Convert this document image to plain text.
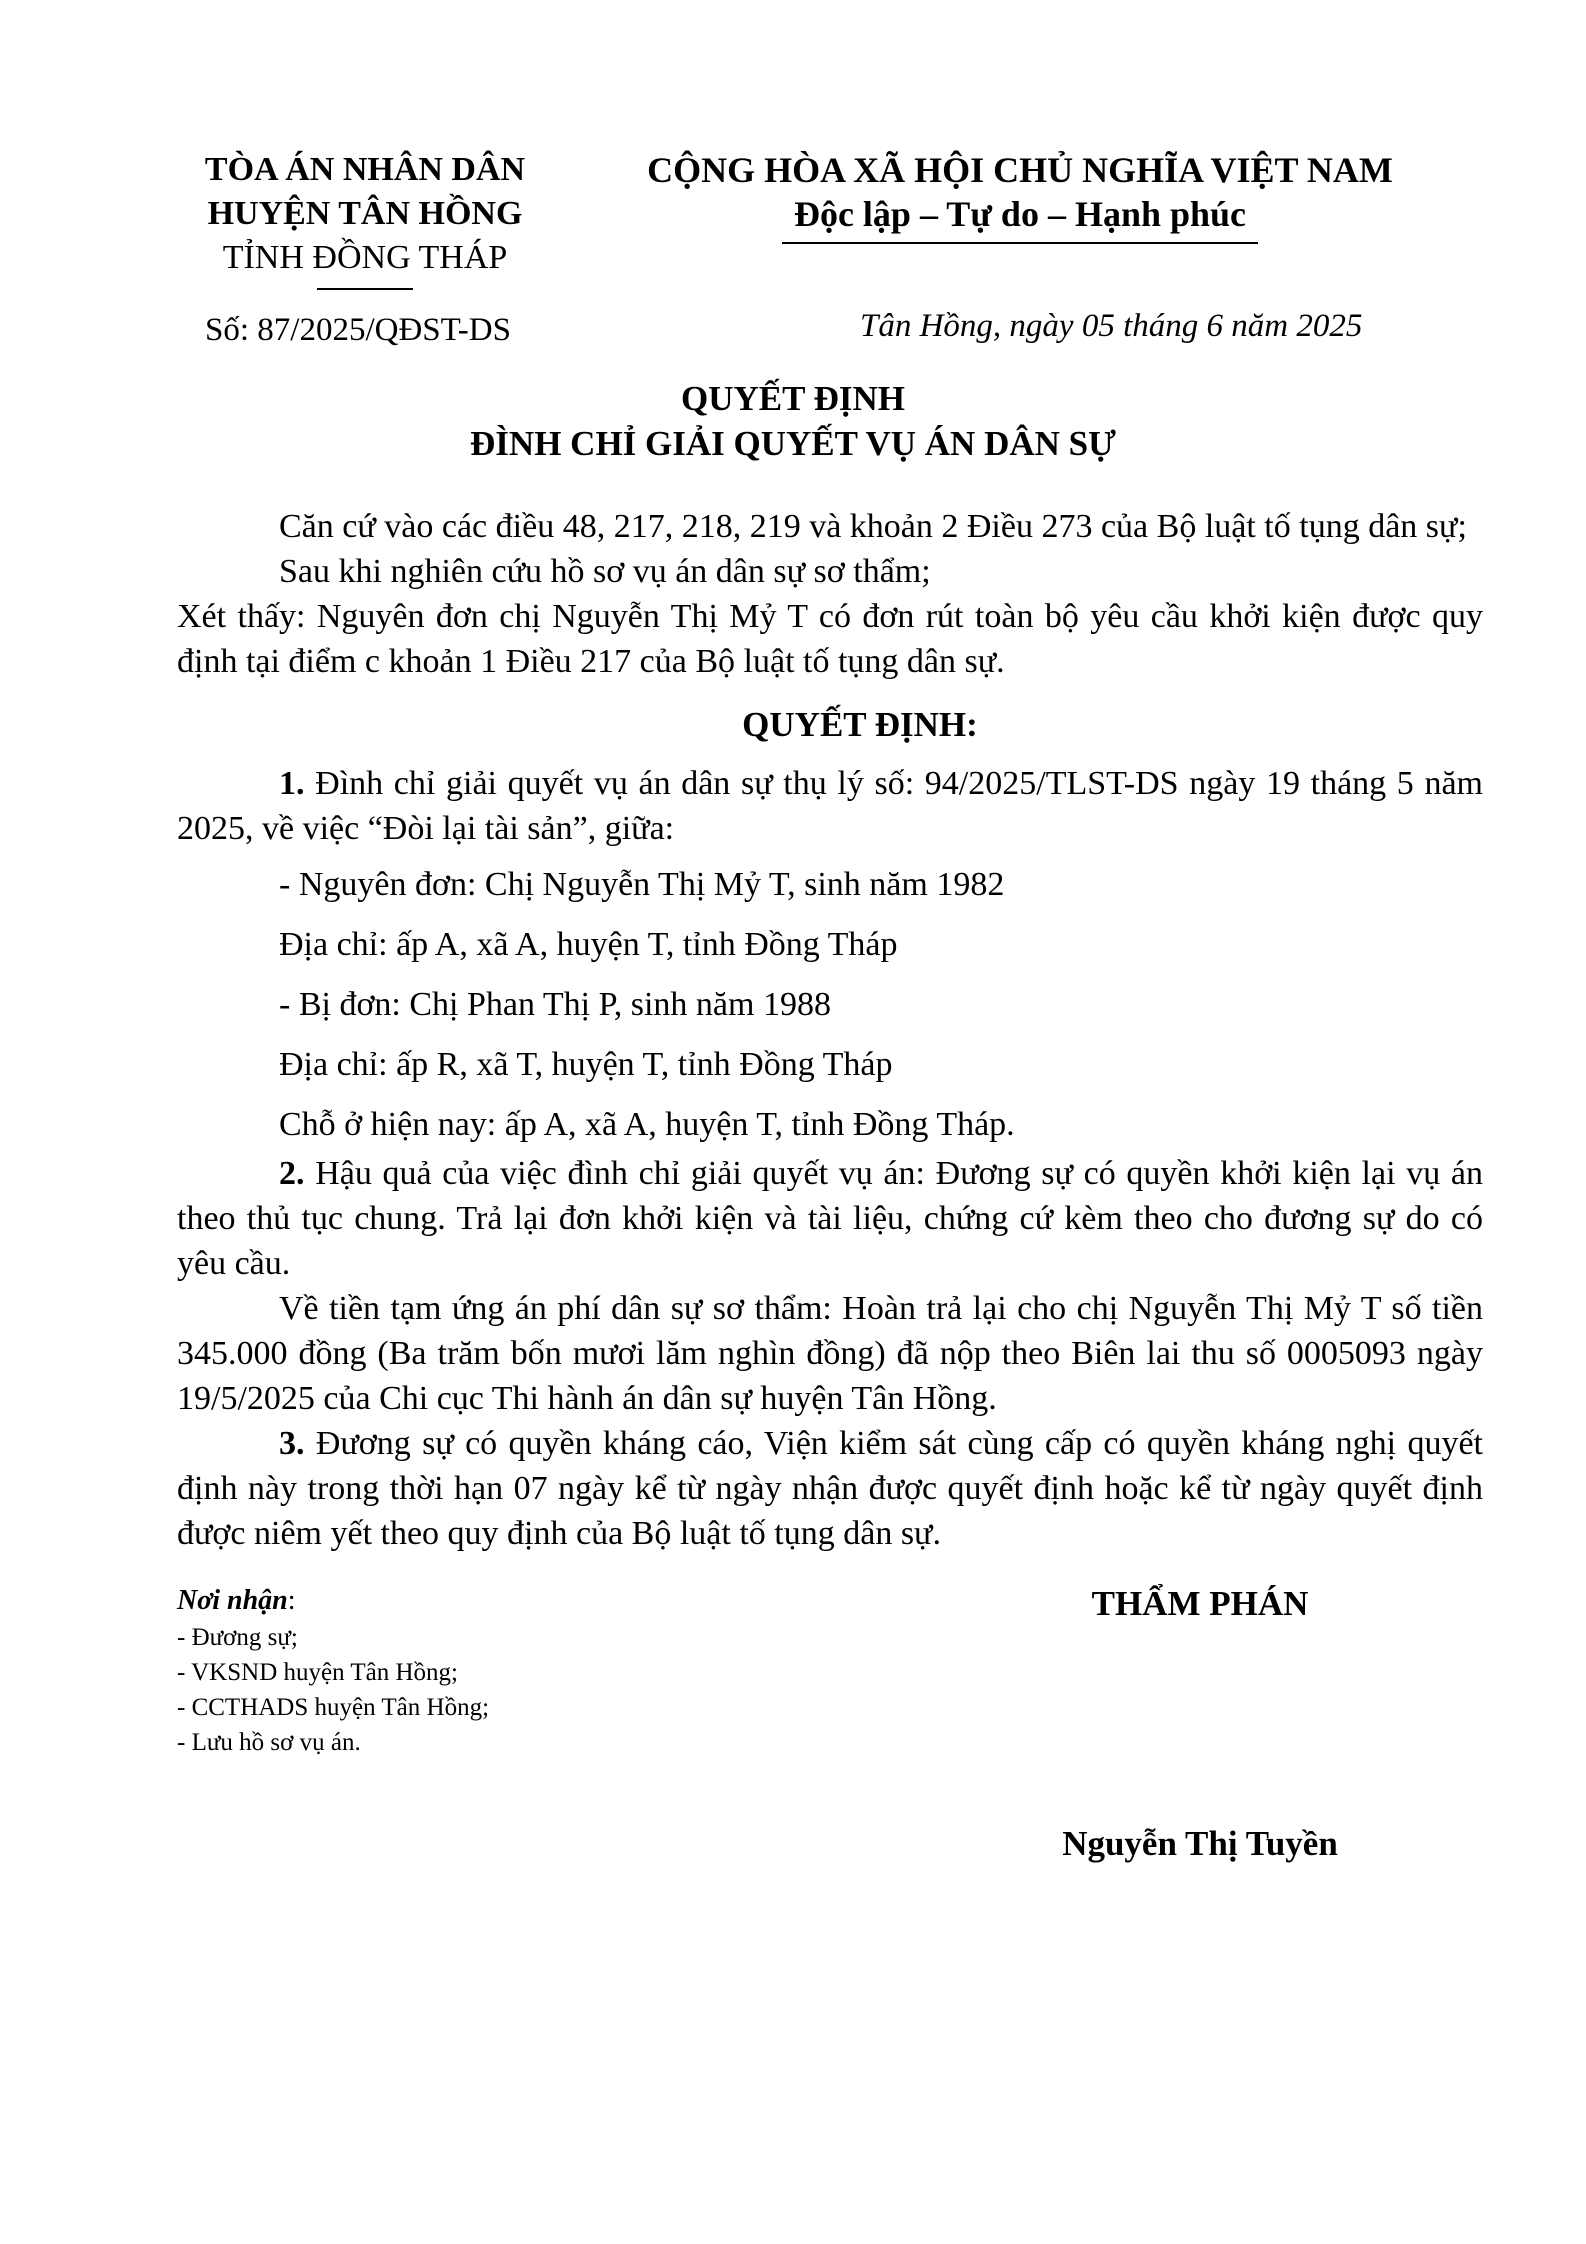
TÒA ÁN NHÂN DÂN
HUYỆN TÂN HỒNG
TỈNH ĐỒNG THÁP
CỘNG HÒA XÃ HỘI CHỦ NGHĨA VIỆT NAM
Độc lập – Tự do – Hạnh phúc
Số: 87/2025/QĐST-DS	Tân Hồng, ngày 05 tháng 6 năm 2025
QUYẾT ĐỊNH
ĐÌNH CHỈ GIẢI QUYẾT VỤ ÁN DÂN SỰ

Căn cứ vào các điều 48, 217, 218, 219 và khoản 2 Điều 273 của Bộ luật tố tụng dân sự;

Sau khi nghiên cứu hồ sơ vụ án dân sự sơ thẩm;

Xét thấy: Nguyên đơn chị Nguyễn Thị Mỷ T có đơn rút toàn bộ yêu cầu khởi kiện được quy định tại điểm c khoản 1 Điều 217 của Bộ luật tố tụng dân sự.

QUYẾT ĐỊNH:

1. Đình chỉ giải quyết vụ án dân sự thụ lý số: 94/2025/TLST-DS ngày 19 tháng 5 năm 2025, về việc “Đòi lại tài sản”, giữa:

- Nguyên đơn: Chị Nguyễn Thị Mỷ T, sinh năm 1982

Địa chỉ: ấp A, xã A, huyện T, tỉnh Đồng Tháp

- Bị đơn: Chị Phan Thị P, sinh năm 1988

Địa chỉ: ấp R, xã T, huyện T, tỉnh Đồng Tháp

Chỗ ở hiện nay: ấp A, xã A, huyện T, tỉnh Đồng Tháp.

2. Hậu quả của việc đình chỉ giải quyết vụ án: Đương sự có quyền khởi kiện lại vụ án theo thủ tục chung. Trả lại đơn khởi kiện và tài liệu, chứng cứ kèm theo cho đương sự do có yêu cầu.

Về tiền tạm ứng án phí dân sự sơ thẩm: Hoàn trả lại cho chị Nguyễn Thị Mỷ T số tiền 345.000 đồng (Ba trăm bốn mươi lăm nghìn đồng) đã nộp theo Biên lai thu số 0005093 ngày 19/5/2025 của Chi cục Thi hành án dân sự huyện Tân Hồng.

3. Đương sự có quyền kháng cáo, Viện kiểm sát cùng cấp có quyền kháng nghị quyết định này trong thời hạn 07 ngày kể từ ngày nhận được quyết định hoặc kể từ ngày quyết định được niêm yết theo quy định của Bộ luật tố tụng dân sự.

Nơi nhận:
- Đương sự;
- VKSND huyện Tân Hồng;
- CCTHADS huyện Tân Hồng;
- Lưu hồ sơ vụ án.
THẨM PHÁN
Nguyễn Thị Tuyền
